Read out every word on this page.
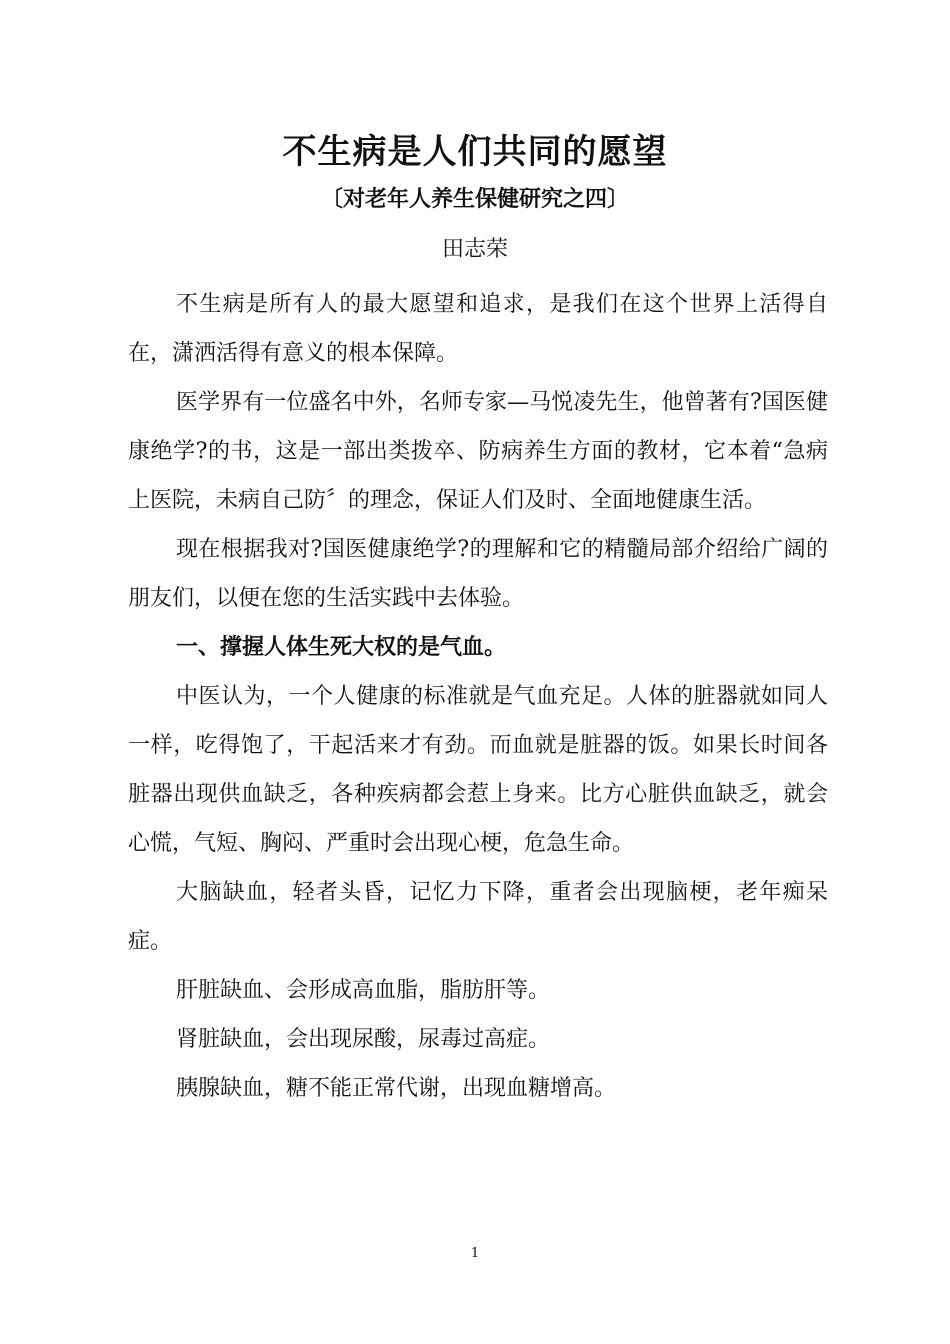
不生病是人们共同的愿望
〔对老年人养生保健研究之四〕
田志荣

不生病是所有人的最大愿望和追求，是我们在这个世界上活得自在，潇洒活得有意义的根本保障。

医学界有一位盛名中外，名师专家—马悦凌先生，他曾著有?国医健康绝学?的书，这是一部出类拨卒、防病养生方面的教材，它本着“急病上医院，未病自己防〞的理念，保证人们及时、全面地健康生活。

现在根据我对?国医健康绝学?的理解和它的精髓局部介绍给广阔的朋友们，以便在您的生活实践中去体验。

一、撑握人体生死大权的是气血。

中医认为，一个人健康的标准就是气血充足。人体的脏器就如同人一样，吃得饱了，干起活来才有劲。而血就是脏器的饭。如果长时间各脏器出现供血缺乏，各种疾病都会惹上身来。比方心脏供血缺乏，就会心慌，气短、胸闷、严重时会出现心梗，危急生命。

大脑缺血，轻者头昏，记忆力下降，重者会出现脑梗，老年痴呆症。

肝脏缺血、会形成高血脂，脂肪肝等。

肾脏缺血，会出现尿酸，尿毒过高症。

胰腺缺血，糖不能正常代谢，出现血糖增高。

1
